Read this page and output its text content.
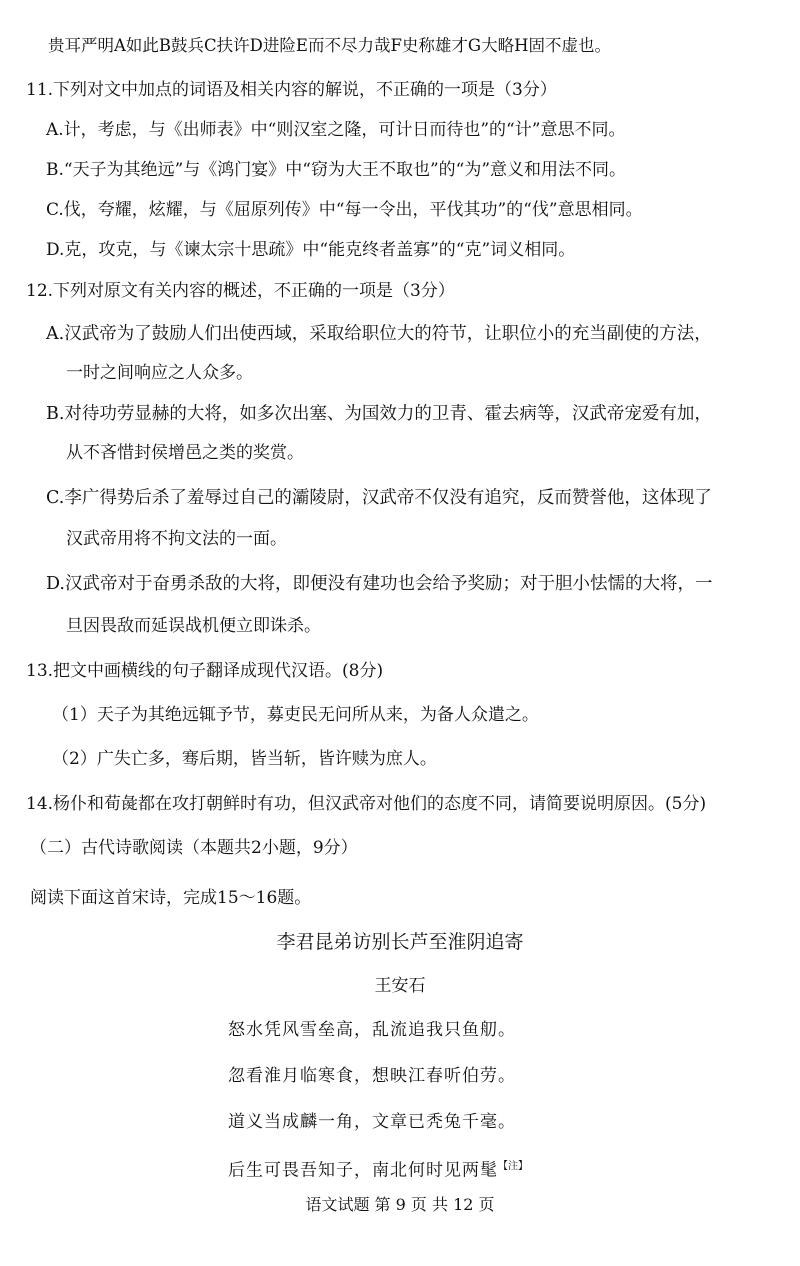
贵耳严明A如此B鼓兵C扶许D进险E而不尽力哉F史称雄才G大略H固不虚也。
11.下列对文中加点的词语及相关内容的解说，不正确的一项是（3分）
A.计，考虑，与《出师表》中“则汉室之隆，可计日而待也”的“计”意思不同。
B.“天子为其绝远”与《鸿门宴》中“窃为大王不取也”的“为”意义和用法不同。
C.伐，夸耀，炫耀，与《屈原列传》中“每一令出，平伐其功”的“伐”意思相同。
D.克，攻克，与《谏太宗十思疏》中“能克终者盖寡”的“克”词义相同。
12.下列对原文有关内容的概述，不正确的一项是（3分）
A.汉武帝为了鼓励人们出使西域，采取给职位大的符节，让职位小的充当副使的方法，
一时之间响应之人众多。
B.对待功劳显赫的大将，如多次出塞、为国效力的卫青、霍去病等，汉武帝宠爱有加，
从不吝惜封侯增邑之类的奖赏。
C.李广得势后杀了羞辱过自己的灞陵尉，汉武帝不仅没有追究，反而赞誉他，这体现了
汉武帝用将不拘文法的一面。
D.汉武帝对于奋勇杀敌的大将，即便没有建功也会给予奖励；对于胆小怯懦的大将，一
旦因畏敌而延误战机便立即诛杀。
13.把文中画横线的句子翻译成现代汉语。(8分)
（1）天子为其绝远辄予节，募吏民无问所从来，为备人众遣之。
（2）广失亡多，骞后期，皆当斩，皆许赎为庶人。
14.杨仆和荀彘都在攻打朝鲜时有功，但汉武帝对他们的态度不同，请简要说明原因。(5分)
（二）古代诗歌阅读（本题共2小题，9分）
阅读下面这首宋诗，完成15～16题。
李君昆弟访别长芦至淮阴追寄
王安石
怒水凭风雪垒高，乱流追我只鱼舠。
忽看淮月临寒食，想映江春听伯劳。
道义当成麟一角，文章已秃兔千毫。
后生可畏吾知子，南北何时见两髦$^{【注】}$
语文试题 第 9 页 共 12 页
